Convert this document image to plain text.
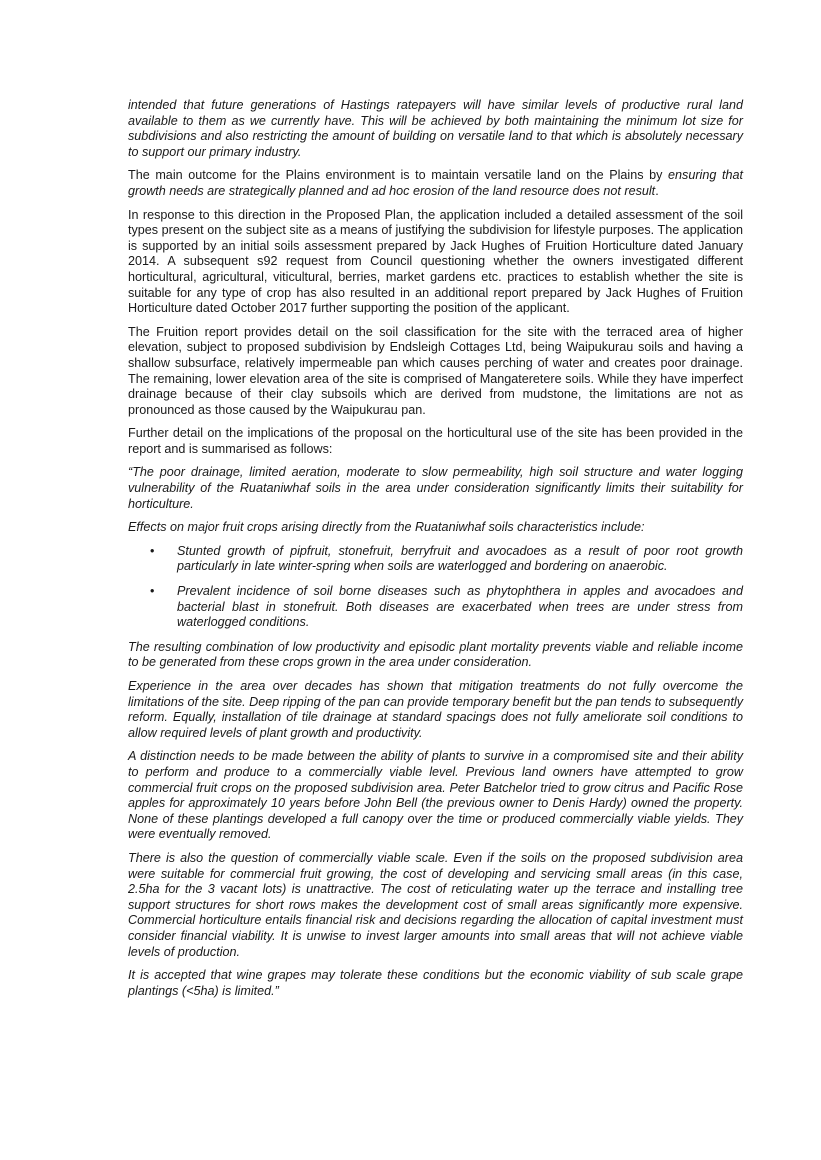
intended that future generations of Hastings ratepayers will have similar levels of productive rural land available to them as we currently have. This will be achieved by both maintaining the minimum lot size for subdivisions and also restricting the amount of building on versatile land to that which is absolutely necessary to support our primary industry.

The main outcome for the Plains environment is to maintain versatile land on the Plains by ensuring that growth needs are strategically planned and ad hoc erosion of the land resource does not result.

In response to this direction in the Proposed Plan, the application included a detailed assessment of the soil types present on the subject site as a means of justifying the subdivision for lifestyle purposes. The application is supported by an initial soils assessment prepared by Jack Hughes of Fruition Horticulture dated January 2014. A subsequent s92 request from Council questioning whether the owners investigated different horticultural, agricultural, viticultural, berries, market gardens etc. practices to establish whether the site is suitable for any type of crop has also resulted in an additional report prepared by Jack Hughes of Fruition Horticulture dated October 2017 further supporting the position of the applicant.

The Fruition report provides detail on the soil classification for the site with the terraced area of higher elevation, subject to proposed subdivision by Endsleigh Cottages Ltd, being Waipukurau soils and having a shallow subsurface, relatively impermeable pan which causes perching of water and creates poor drainage. The remaining, lower elevation area of the site is comprised of Mangateretere soils. While they have imperfect drainage because of their clay subsoils which are derived from mudstone, the limitations are not as pronounced as those caused by the Waipukurau pan.

Further detail on the implications of the proposal on the horticultural use of the site has been provided in the report and is summarised as follows:

“The poor drainage, limited aeration, moderate to slow permeability, high soil structure and water logging vulnerability of the Ruataniwhaf soils in the area under consideration significantly limits their suitability for horticulture.

Effects on major fruit crops arising directly from the Ruataniwhaf soils characteristics include:

• Stunted growth of pipfruit, stonefruit, berryfruit and avocadoes as a result of poor root growth particularly in late winter-spring when soils are waterlogged and bordering on anaerobic.
• Prevalent incidence of soil borne diseases such as phytophthera in apples and avocadoes and bacterial blast in stonefruit. Both diseases are exacerbated when trees are under stress from waterlogged conditions.

The resulting combination of low productivity and episodic plant mortality prevents viable and reliable income to be generated from these crops grown in the area under consideration.

Experience in the area over decades has shown that mitigation treatments do not fully overcome the limitations of the site. Deep ripping of the pan can provide temporary benefit but the pan tends to subsequently reform. Equally, installation of tile drainage at standard spacings does not fully ameliorate soil conditions to allow required levels of plant growth and productivity.

A distinction needs to be made between the ability of plants to survive in a compromised site and their ability to perform and produce to a commercially viable level. Previous land owners have attempted to grow commercial fruit crops on the proposed subdivision area. Peter Batchelor tried to grow citrus and Pacific Rose apples for approximately 10 years before John Bell (the previous owner to Denis Hardy) owned the property. None of these plantings developed a full canopy over the time or produced commercially viable yields. They were eventually removed.

There is also the question of commercially viable scale. Even if the soils on the proposed subdivision area were suitable for commercial fruit growing, the cost of developing and servicing small areas (in this case, 2.5ha for the 3 vacant lots) is unattractive. The cost of reticulating water up the terrace and installing tree support structures for short rows makes the development cost of small areas significantly more expensive. Commercial horticulture entails financial risk and decisions regarding the allocation of capital investment must consider financial viability. It is unwise to invest larger amounts into small areas that will not achieve viable levels of production.

It is accepted that wine grapes may tolerate these conditions but the economic viability of sub scale grape plantings (<5ha) is limited.”
